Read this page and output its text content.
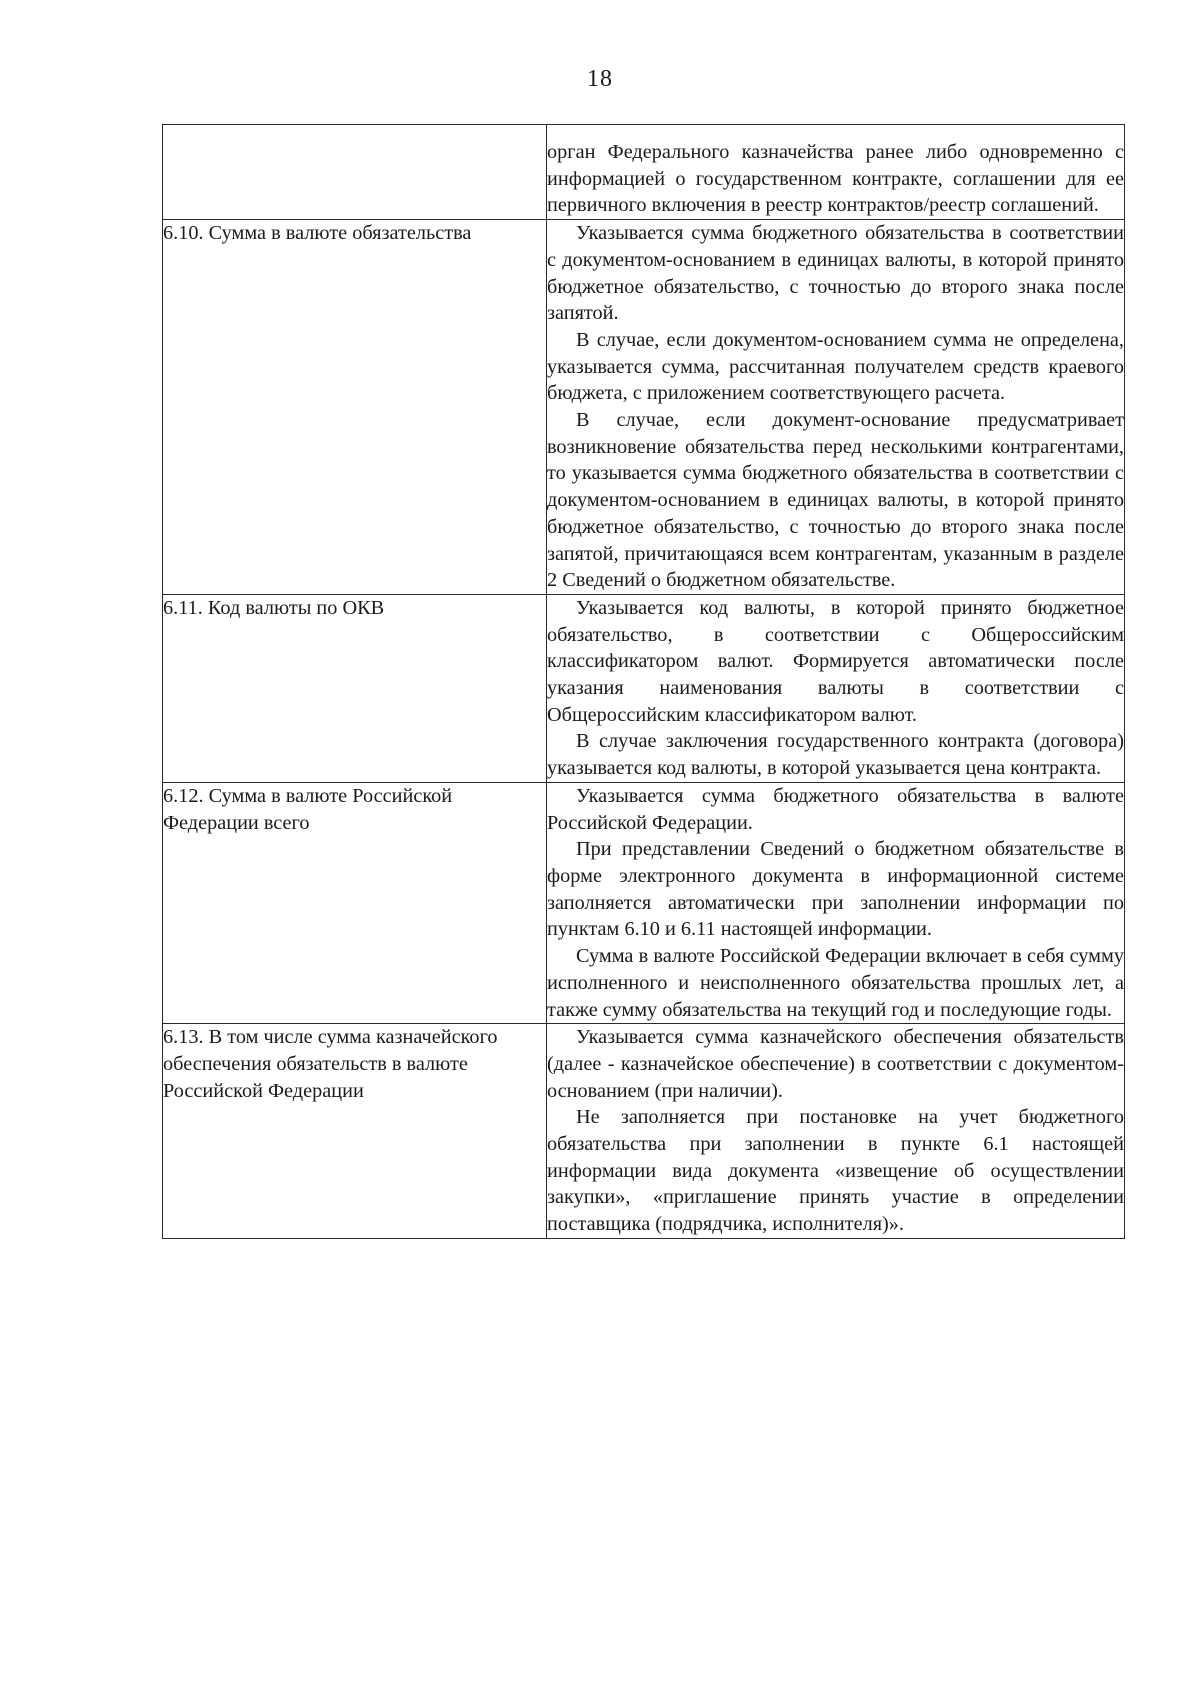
18

	орган Федерального казначейства ранее либо одновременно с информацией о государственном контракте, соглашении для ее первичного включения в реестр контрактов/реестр соглашений.

6.10. Сумма в валюте обязательства	Указывается сумма бюджетного обязательства в соответствии с документом-основанием в единицах валюты, в которой принято бюджетное обязательство, с точностью до второго знака после запятой.

В случае, если документом-основанием сумма не определена, указывается сумма, рассчитанная получателем средств краевого бюджета, с приложением соответствующего расчета.

В случае, если документ-основание предусматривает возникновение обязательства перед несколькими контрагентами, то указывается сумма бюджетного обязательства в соответствии с документом-основанием в единицах валюты, в которой принято бюджетное обязательство, с точностью до второго знака после запятой, причитающаяся всем контрагентам, указанным в разделе 2 Сведений о бюджетном обязательстве.

6.11. Код валюты по ОКВ	Указывается код валюты, в которой принято бюджетное обязательство, в соответствии с Общероссийским классификатором валют. Формируется автоматически после указания наименования валюты в соответствии с Общероссийским классификатором валют.

В случае заключения государственного контракта (договора) указывается код валюты, в которой указывается цена контракта.

6.12. Сумма в валюте Российской Федерации всего	Указывается сумма бюджетного обязательства в валюте Российской Федерации.

При представлении Сведений о бюджетном обязательстве в форме электронного документа в информационной системе заполняется автоматически при заполнении информации по пунктам 6.10 и 6.11 настоящей информации.

Сумма в валюте Российской Федерации включает в себя сумму исполненного и неисполненного обязательства прошлых лет, а также сумму обязательства на текущий год и последующие годы.

6.13. В том числе сумма казначейского обеспечения обязательств в валюте Российской Федерации	Указывается сумма казначейского обеспечения обязательств (далее - казначейское обеспечение) в соответствии с документом-основанием (при наличии).

Не заполняется при постановке на учет бюджетного обязательства при заполнении в пункте 6.1 настоящей информации вида документа «извещение об осуществлении закупки», «приглашение принять участие в определении поставщика (подрядчика, исполнителя)».
